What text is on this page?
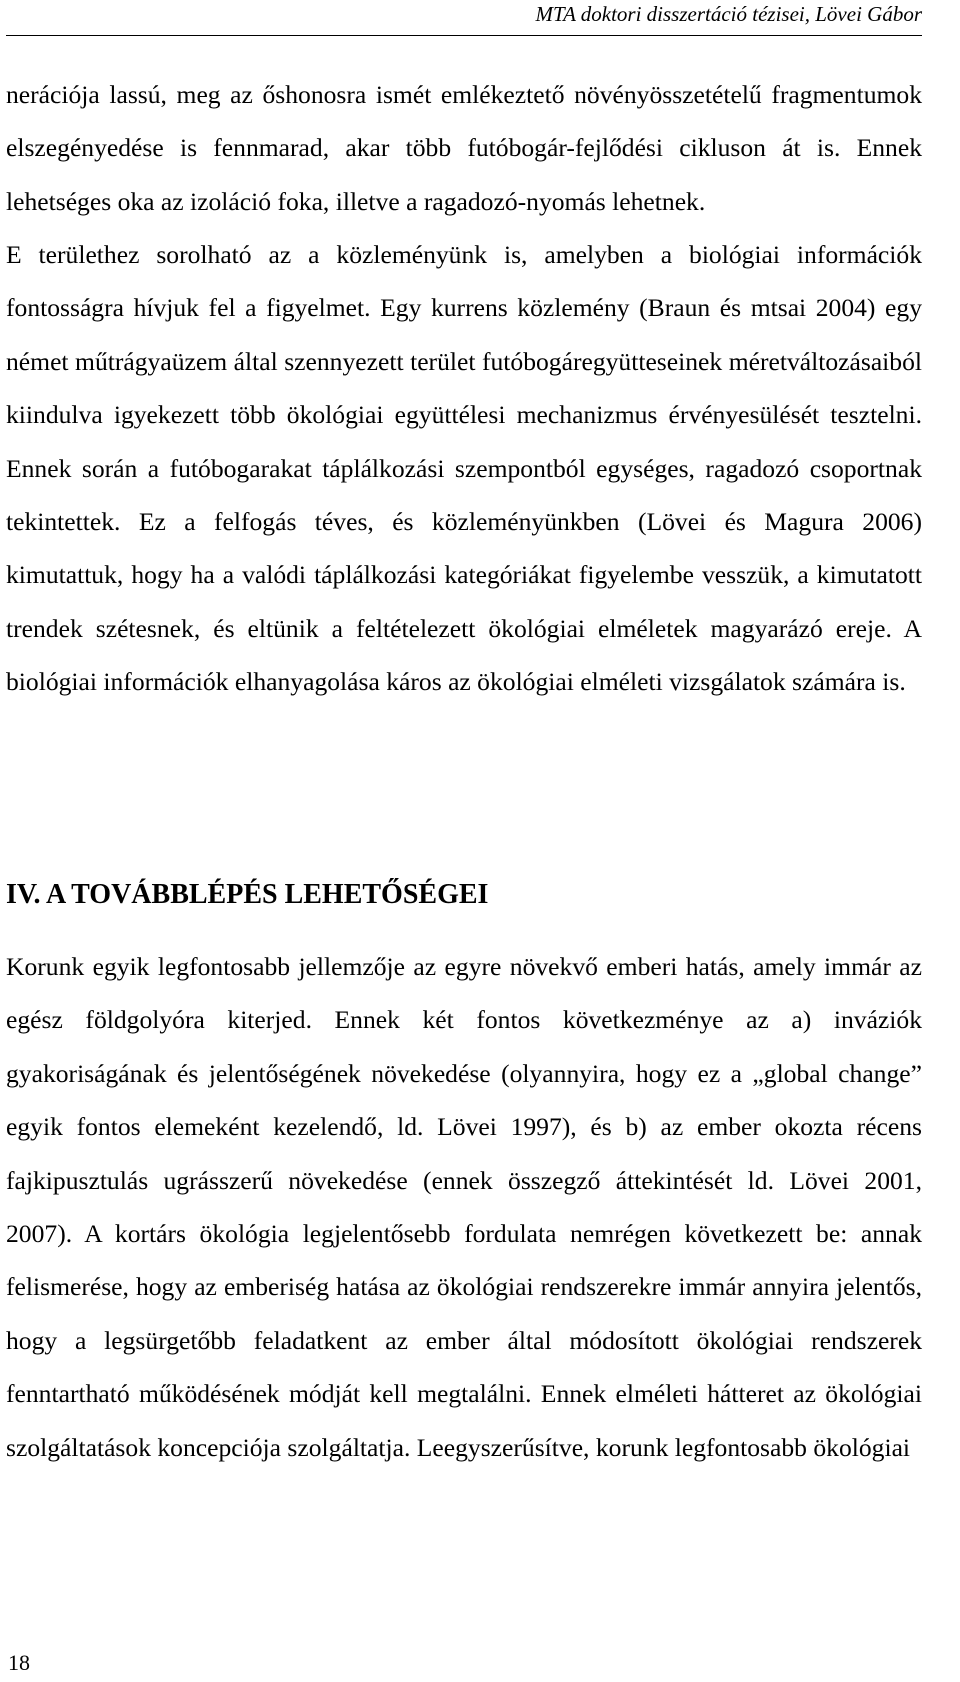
MTA doktori disszertáció tézisei, Lövei Gábor

nerációja lassú, meg az őshonosra ismét emlékeztető növényösszetételű fragmentumok elszegényedése is fennmarad, akar több futóbogár-fejlődési cikluson át is. Ennek lehetséges oka az izoláció foka, illetve a ragadozó-nyomás lehetnek.

E területhez sorolható az a közleményünk is, amelyben a biológiai információk fontosságra hívjuk fel a figyelmet. Egy kurrens közlemény (Braun és mtsai 2004) egy német műtrágyaüzem által szennyezett terület futóbogáregyütteseinek méretváltozásaiból kiindulva igyekezett több ökológiai együttélesi mechanizmus érvényesülését tesztelni. Ennek során a futóbogarakat táplálkozási szempontból egységes, ragadozó csoportnak tekintettek. Ez a felfogás téves, és közleményünkben (Lövei és Magura 2006) kimutattuk, hogy ha a valódi táplálkozási kategóriákat figyelembe vesszük, a kimutatott trendek szétesnek, és eltünik a feltételezett ökológiai elméletek magyarázó ereje. A biológiai információk elhanyagolása káros az ökológiai elméleti vizsgálatok számára is.

IV. A TOVÁBBLÉPÉS LEHETŐSÉGEI

Korunk egyik legfontosabb jellemzője az egyre növekvő emberi hatás, amely immár az egész földgolyóra kiterjed. Ennek két fontos következménye az a) inváziók gyakoriságának és jelentőségének növekedése (olyannyira, hogy ez a „global change” egyik fontos elemeként kezelendő, ld. Lövei 1997), és b) az ember okozta récens fajkipusztulás ugrásszerű növekedése (ennek összegző áttekintését ld. Lövei 2001, 2007). A kortárs ökológia legjelentősebb fordulata nemrégen következett be: annak felismerése, hogy az emberiség hatása az ökológiai rendszerekre immár annyira jelentős, hogy a legsürgetőbb feladatkent az ember által módosított ökológiai rendszerek fenntartható működésének módját kell megtalálni. Ennek elméleti hátteret az ökológiai szolgáltatások koncepciója szolgáltatja. Leegyszerűsítve, korunk legfontosabb ökológiai

18
